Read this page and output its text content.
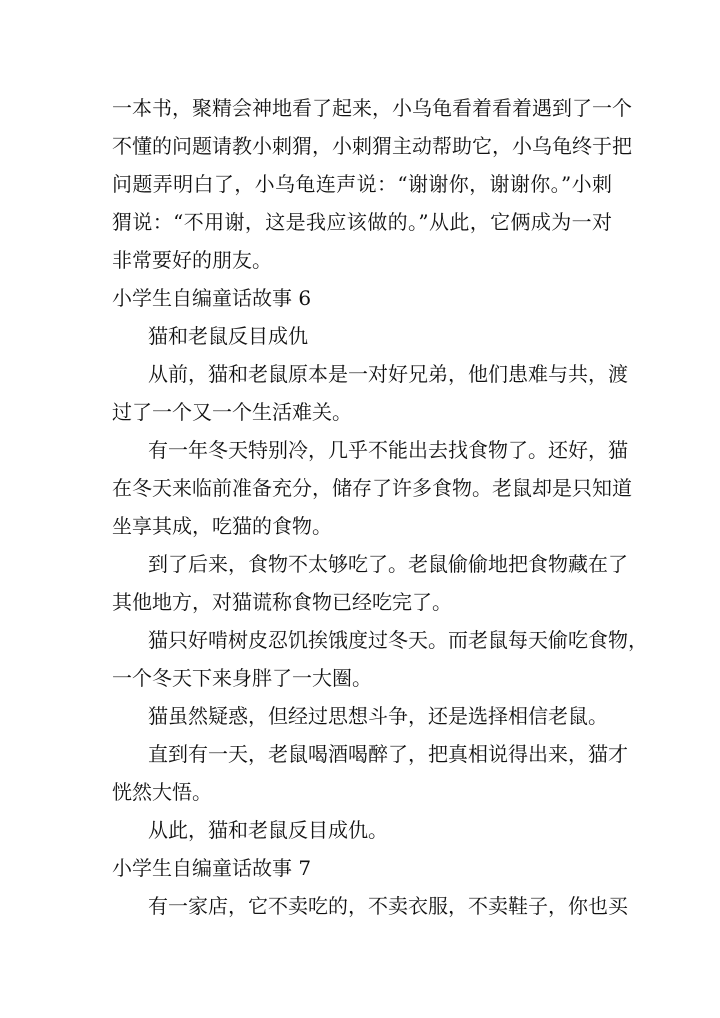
一本书，聚精会神地看了起来，小乌龟看着看着遇到了一个
不懂的问题请教小刺猬，小刺猬主动帮助它，小乌龟终于把
问题弄明白了，小乌龟连声说：“谢谢你，谢谢你。”小刺
猬说：“不用谢，这是我应该做的。”从此，它俩成为一对
非常要好的朋友。
小学生自编童话故事 6
猫和老鼠反目成仇
从前，猫和老鼠原本是一对好兄弟，他们患难与共，渡
过了一个又一个生活难关。
有一年冬天特别冷，几乎不能出去找食物了。还好，猫
在冬天来临前准备充分，储存了许多食物。老鼠却是只知道
坐享其成，吃猫的食物。
到了后来，食物不太够吃了。老鼠偷偷地把食物藏在了
其他地方，对猫谎称食物已经吃完了。
猫只好啃树皮忍饥挨饿度过冬天。而老鼠每天偷吃食物，
一个冬天下来身胖了一大圈。
猫虽然疑惑，但经过思想斗争，还是选择相信老鼠。
直到有一天，老鼠喝酒喝醉了，把真相说得出来，猫才
恍然大悟。
从此，猫和老鼠反目成仇。
小学生自编童话故事 7
有一家店，它不卖吃的，不卖衣服，不卖鞋子，你也买
